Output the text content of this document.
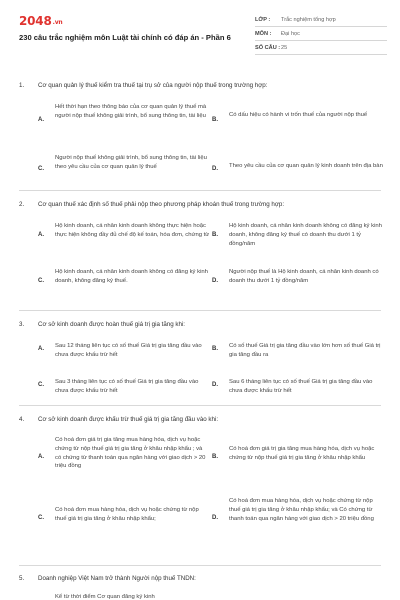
2048.vn
230 câu trắc nghiệm môn Luật tài chính có đáp án - Phần 6
LỚP :	Trắc nghiệm tổng hợp
MÔN :	Đại học
SỐ CÂU : 25
1. Cơ quan quản lý thuế kiểm tra thuế tại trụ sở của người nộp thuế trong trường hợp:
A.
Hết thời hạn theo thông báo của cơ quan quản lý thuế mà người nộp thuế không giải trình, bổ sung thông tin, tài liệu
B.
Có dấu hiệu có hành vi trốn thuế của người nộp thuế
C.
Người nộp thuế không giải trình, bổ sung thông tin, tài liệu theo yêu cầu của cơ quan quản lý thuế	D. Theo yêu cầu của cơ quan quản lý kinh doanh trên địa bàn
2. Cơ quan thuế xác định số thuế phải nộp theo phương pháp khoán thuế trong trường hợp:
A.
Hộ kinh doanh, cá nhân kinh doanh không thực hiện hoặc thực hiện không đầy đủ chế độ kế toán, hóa đơn, chứng từ B.
Hộ kinh doanh, cá nhân kinh doanh không có đăng ký kinh doanh, không đăng ký thuế có doanh thu dưới 1 tỷ đồng/năm
C.
Hộ kinh doanh, cá nhân kinh doanh không có đăng ký kinh doanh, không đăng ký thuế.	D.
Người nộp thuế là Hộ kinh doanh, cá nhân kinh doanh có doanh thu dưới 1 tỷ đồng/năm
3. Cơ sở kinh doanh được hoàn thuế giá trị gia tăng khi:
A. Sau 12 tháng liên tục có số thuế Giá trị gia tăng đầu vào chưa được khấu trừ hết
B. Có số thuế Giá trị gia tăng đầu vào lớn hơn số thuế Giá trị gia tăng đầu ra
C. Sau 3 tháng liên tục có số thuế Giá trị gia tăng đầu vào chưa được khấu trừ hết
D. Sau 6 tháng liên tục có số thuế Giá trị gia tăng đầu vào chưa được khấu trừ hết
4. Cơ sở kinh doanh được khấu trừ thuế giá trị gia tăng đầu vào khi:
A.
Có hoá đơn giá trị gia tăng mua hàng hóa, dịch vụ hoặc chứng từ nộp thuế giá trị gia tăng ở khâu nhập khẩu ; và có chứng từ thanh toán qua ngân hàng với giao dịch > 20 triệu đồng
B.
Có hoá đơn giá trị gia tăng mua hàng hóa, dịch vụ hoặc chứng từ nộp thuế giá trị gia tăng ở khâu nhập khẩu
C.
Có hoá đơn mua hàng hóa, dịch vụ hoặc chứng từ nộp thuế giá trị gia tăng ở khâu nhập khẩu;	D.
Có hoá đơn mua hàng hóa, dịch vụ hoặc chứng từ nộp thuế giá trị gia tăng ở khâu nhập khẩu; và Có chứng từ thanh toán qua ngân hàng với giao dịch > 20 triệu đồng
5. Doanh nghiệp Việt Nam trở thành Người nộp thuế TNDN:
Kể từ thời điểm Cơ quan đăng ký kinh
